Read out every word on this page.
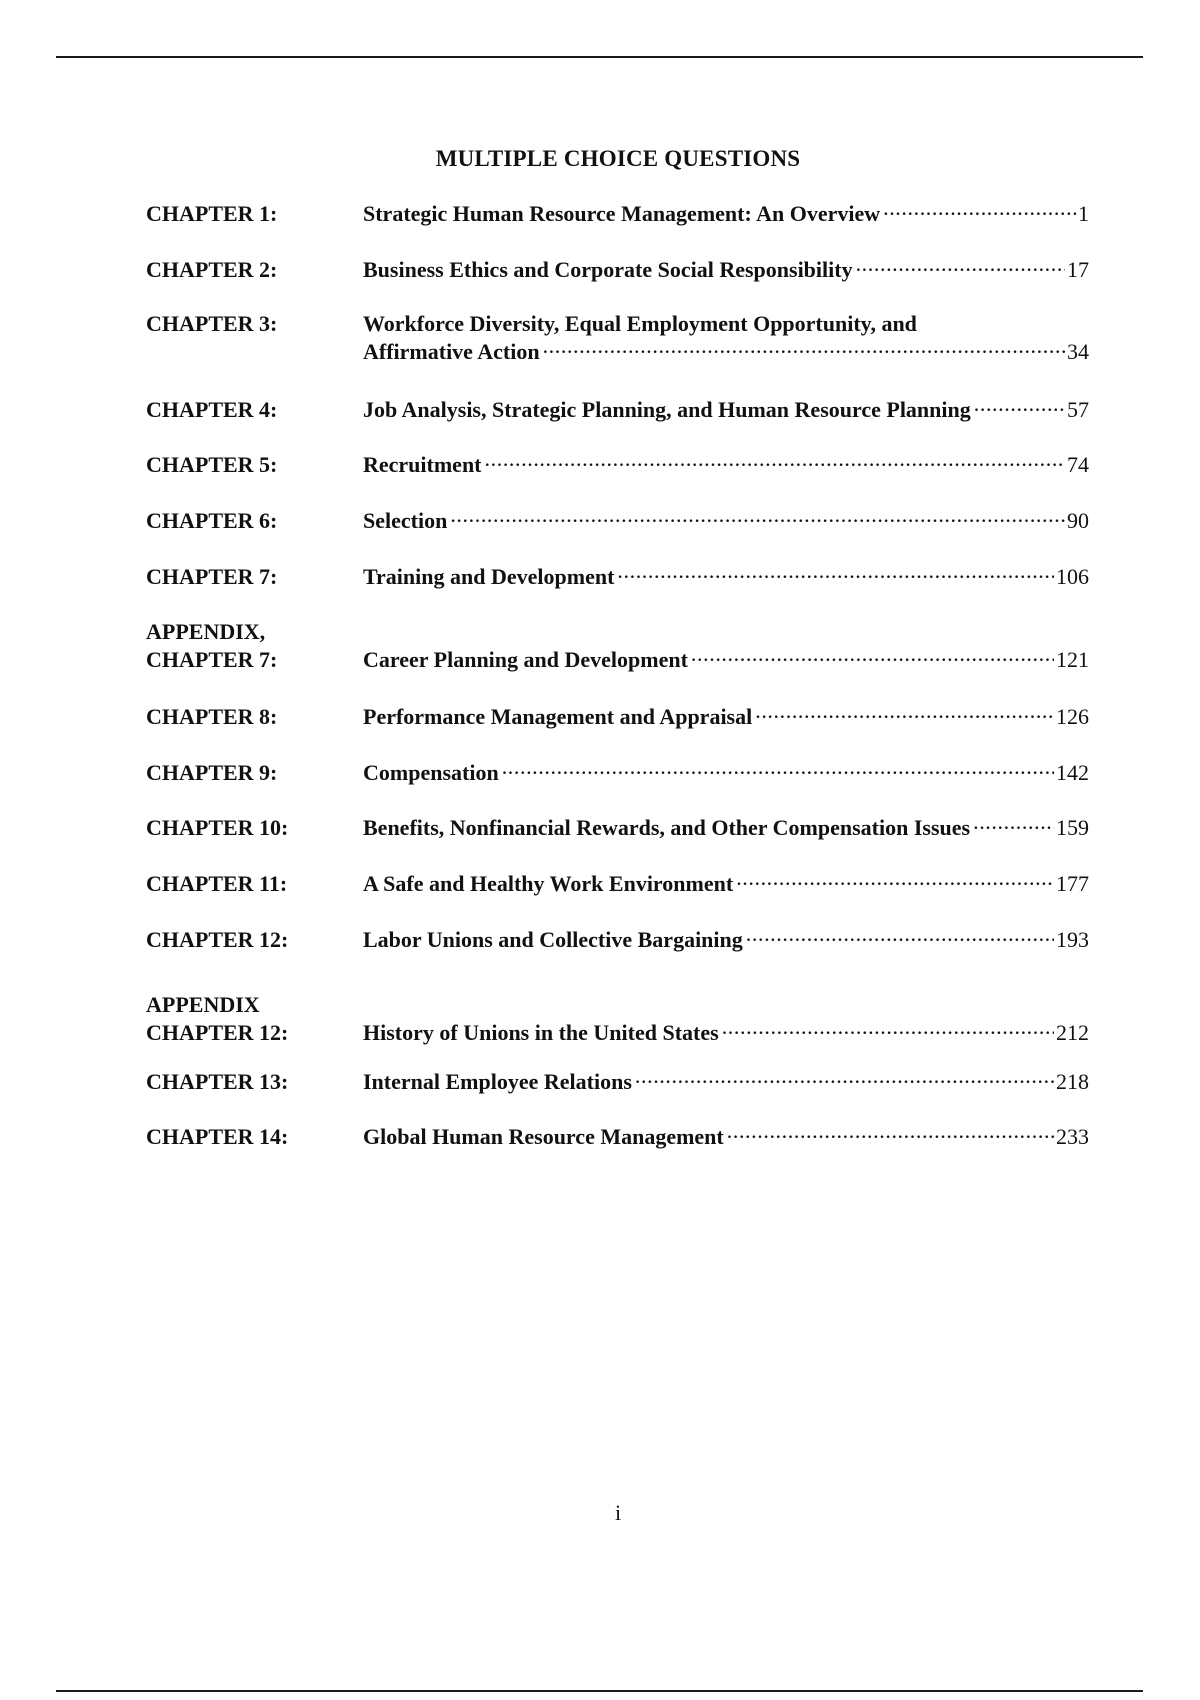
MULTIPLE CHOICE QUESTIONS
CHAPTER 1:	Strategic Human Resource Management: An Overview .....	1
CHAPTER 2:	Business Ethics and Corporate Social Responsibility .....	17
CHAPTER 3:	Workforce Diversity, Equal Employment Opportunity, and
Affirmative Action .....	34
CHAPTER 4:	Job Analysis, Strategic Planning, and Human Resource Planning .....	57
CHAPTER 5:	Recruitment .....	74
CHAPTER 6:	Selection .....	90
CHAPTER 7:	Training and Development .....	106
APPENDIX,
CHAPTER 7:	Career Planning and Development .....	121
CHAPTER 8:	Performance Management and Appraisal .....	126
CHAPTER 9:	Compensation .....	142
CHAPTER 10:	Benefits, Nonfinancial Rewards, and Other Compensation Issues .....	159
CHAPTER 11:	A Safe and Healthy Work Environment .....	177
CHAPTER 12:	Labor Unions and Collective Bargaining .....	193
APPENDIX
CHAPTER 12:	History of Unions in the United States .....	212
CHAPTER 13:	Internal Employee Relations .....	218
CHAPTER 14:	Global Human Resource Management .....	233
i
